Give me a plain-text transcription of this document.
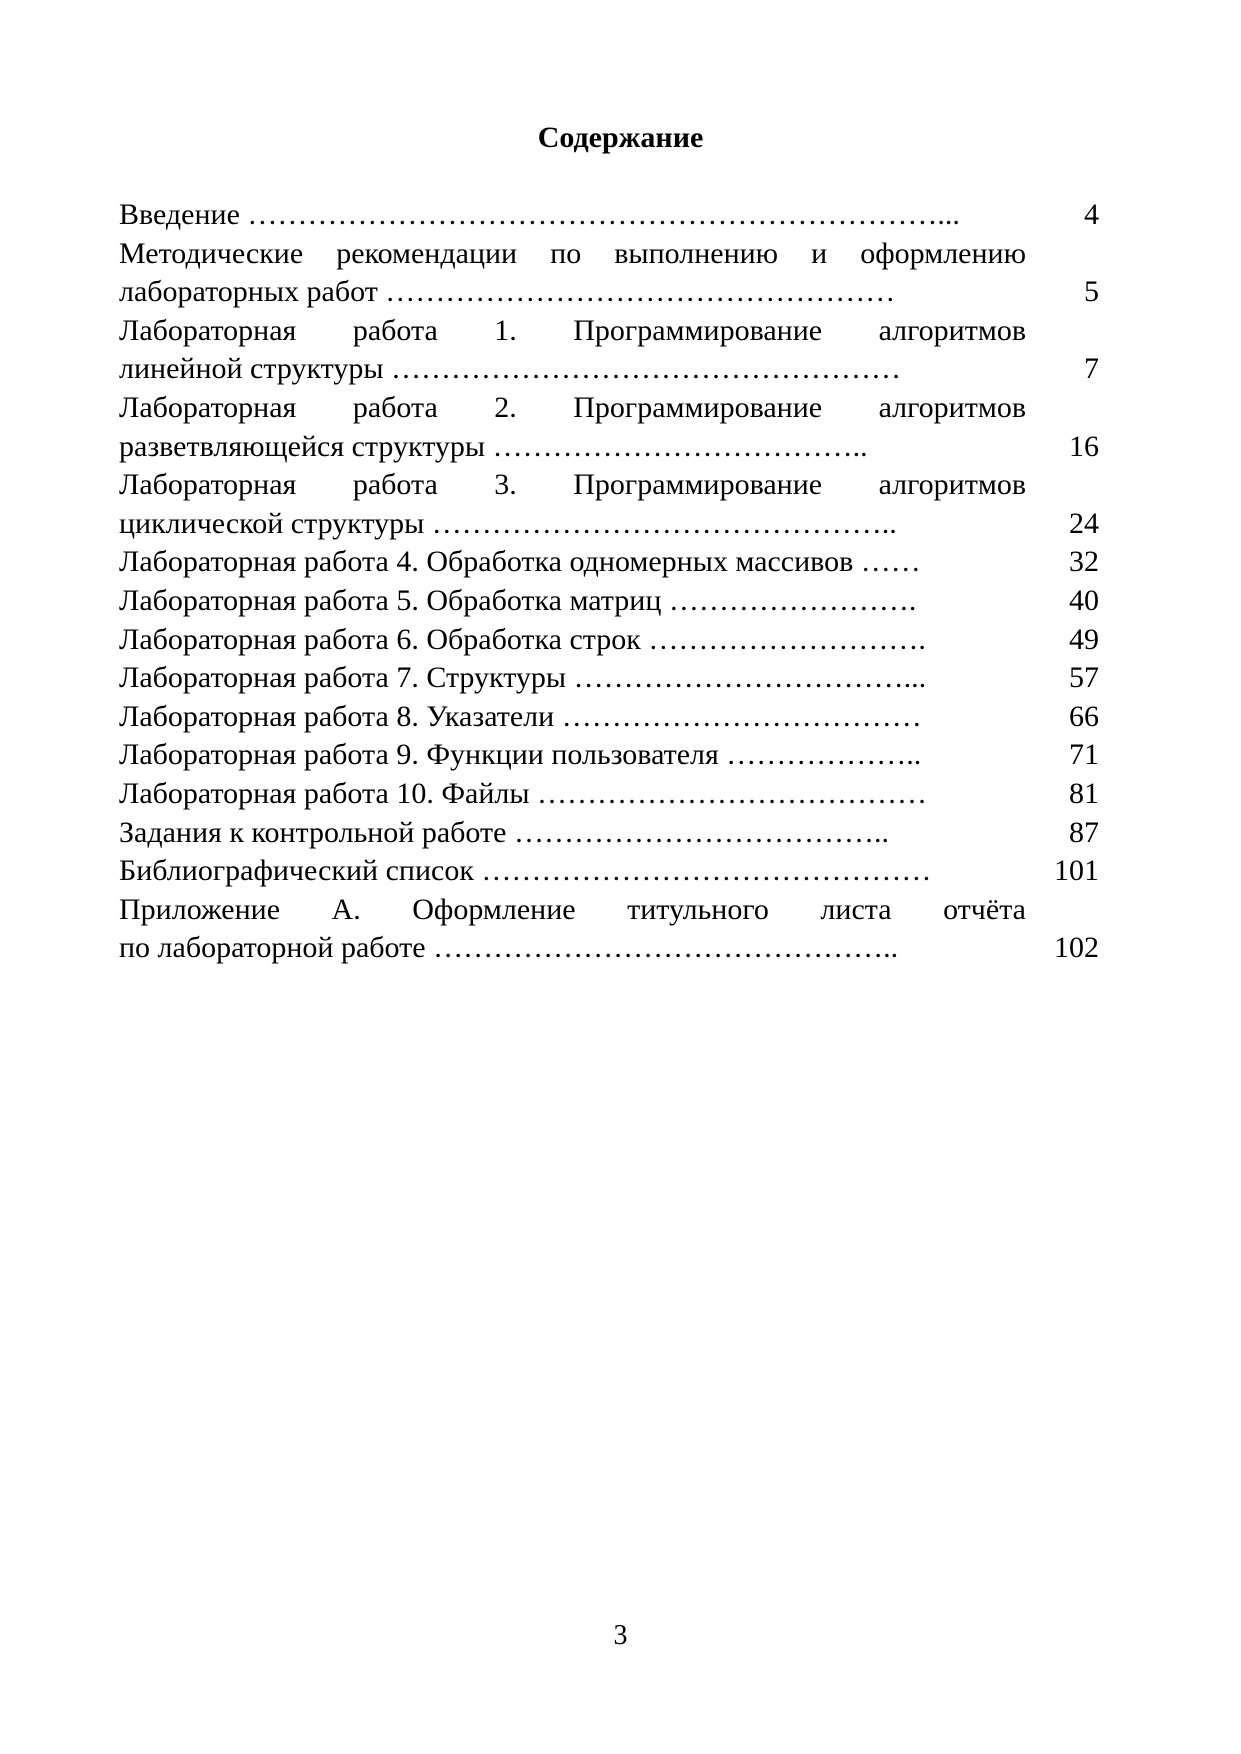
Содержание
Введение ……………………………………………………………...	4
Методические рекомендации по выполнению и оформлению
лабораторных работ ……………………………………………	5
Лабораторная работа 1. Программирование алгоритмов
линейной структуры ……………………………………………	7
Лабораторная работа 2. Программирование алгоритмов
разветвляющейся структуры ………………………………..	16
Лабораторная работа 3. Программирование алгоритмов
циклической структуры ………………………………………..	24
Лабораторная работа 4. Обработка одномерных массивов ……	32
Лабораторная работа 5. Обработка матриц …………………….	40
Лабораторная работа 6. Обработка строк ……………………….	49
Лабораторная работа 7. Структуры ……………………………...	57
Лабораторная работа 8. Указатели ………………………………	66
Лабораторная работа 9. Функции пользователя ………………..	71
Лабораторная работа 10. Файлы …………………………………	81
Задания к контрольной работе ………………………………..	87
Библиографический список ………………………………………	101
Приложение А. Оформление титульного листа отчёта
по лабораторной работе ………………………………………..	102
3
